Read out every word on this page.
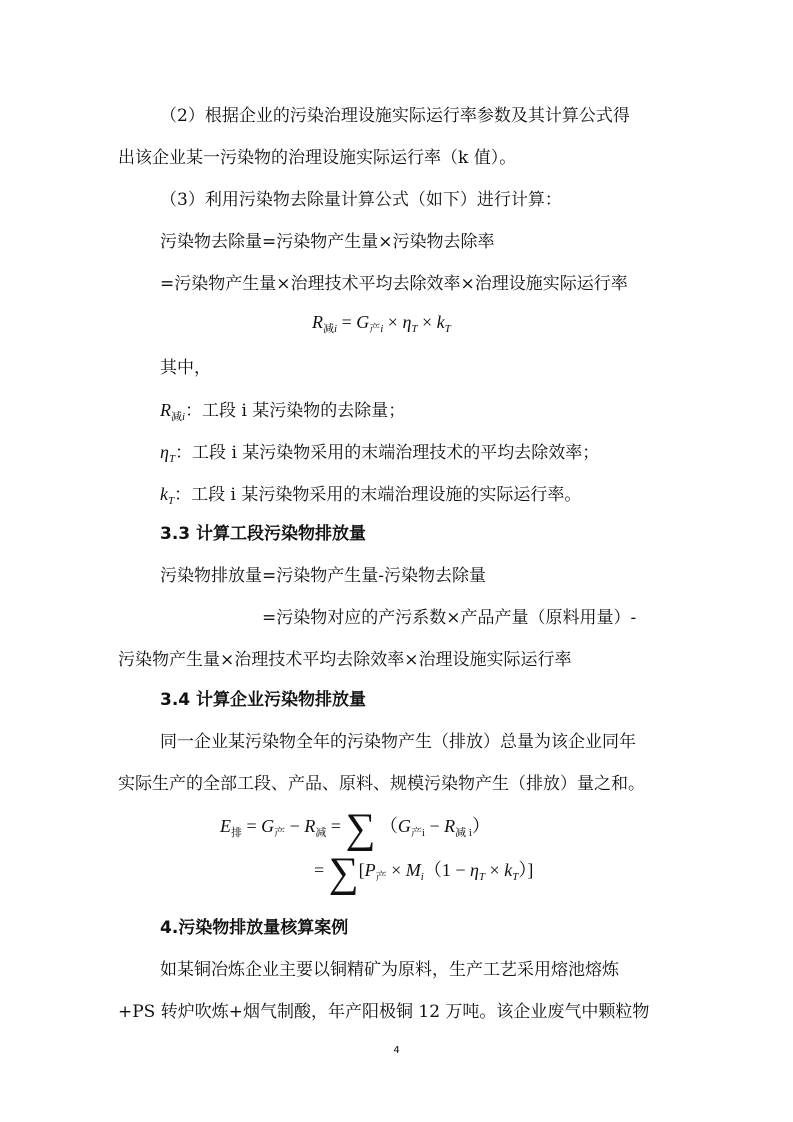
（2）根据企业的污染治理设施实际运行率参数及其计算公式得
出该企业某一污染物的治理设施实际运行率（k 值）。
（3）利用污染物去除量计算公式（如下）进行计算：
污染物去除量=污染物产生量×污染物去除率
=污染物产生量×治理技术平均去除效率×治理设施实际运行率
$R_{减i} = G_{产i} \times \eta_T \times k_T$
其中，
$R_{减i}$：工段 i 某污染物的去除量；
$\eta_T$：工段 i 某污染物采用的末端治理技术的平均去除效率；
$k_T$：工段 i 某污染物采用的末端治理设施的实际运行率。
3.3 计算工段污染物排放量
污染物排放量=污染物产生量-污染物去除量
=污染物对应的产污系数×产品产量（原料用量）-
污染物产生量×治理技术平均去除效率×治理设施实际运行率
3.4 计算企业污染物排放量
同一企业某污染物全年的污染物产生（排放）总量为该企业同年
实际生产的全部工段、产品、原料、规模污染物产生（排放）量之和。
$E_排 = G_产 - R_减$ = ∑ $(G_{产i} - R_{减 i})$
= $\sum[P_产 \times M_i(1 - \eta_T \times k_T)]$
4.污染物排放量核算案例
如某铜冶炼企业主要以铜精矿为原料，生产工艺采用熔池熔炼
+PS 转炉吹炼+烟气制酸，年产阳极铜 12 万吨。该企业废气中颗粒物
4
